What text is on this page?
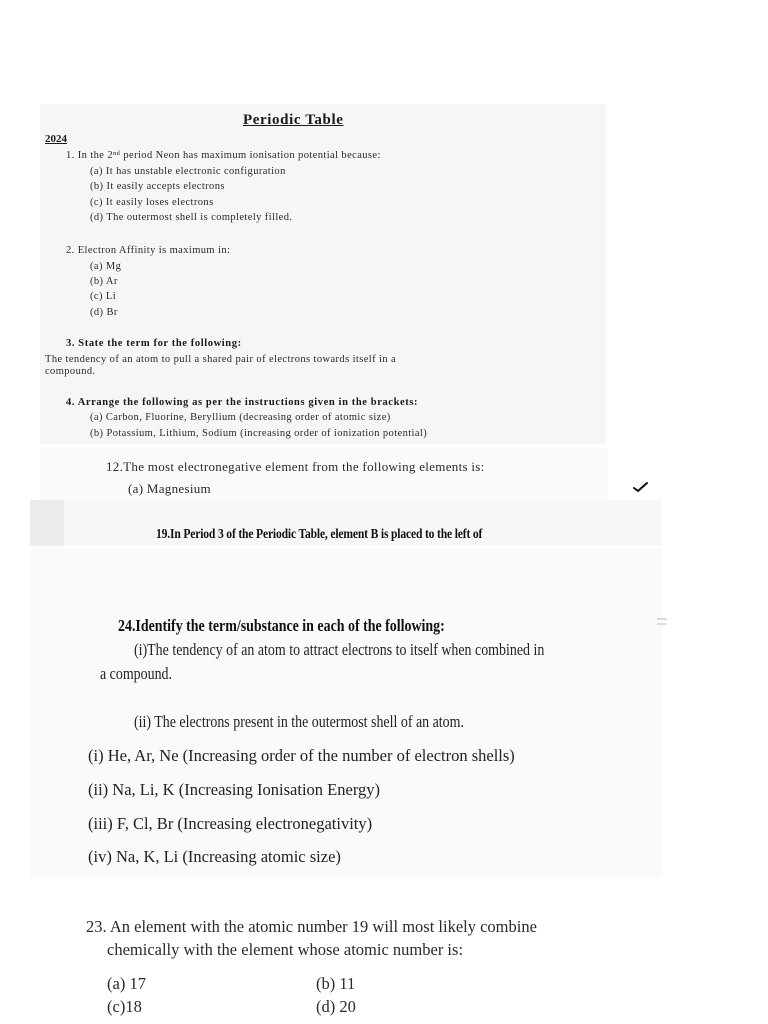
Periodic Table
2024
1. In the 2ⁿᵈ period Neon has maximum ionisation potential because:
(a) It has unstable electronic configuration
(b) It easily accepts electrons
(c) It easily loses electrons
(d) The outermost shell is completely filled.
2. Electron Affinity is maximum in:
(a) Mg
(b) Ar
(c) Li
(d) Br
3. State the term for the following:
The tendency of an atom to pull a shared pair of electrons towards itself in a
compound.
4. Arrange the following as per the instructions given in the brackets:
(a) Carbon, Fluorine, Beryllium (decreasing order of atomic size)
(b) Potassium, Lithium, Sodium (increasing order of ionization potential)
12.The most electronegative element from the following elements is:
(a) Magnesium
19.In Period 3 of the Periodic Table, element B is placed to the left of
24.Identify the term/substance in each of the following:
(i)The tendency of an atom to attract electrons to itself when combined in
a compound.
(ii) The electrons present in the outermost shell of an atom.
(i) He, Ar, Ne (Increasing order of the number of electron shells)
(ii) Na, Li, K (Increasing Ionisation Energy)
(iii) F, Cl, Br (Increasing electronegativity)
(iv) Na, K, Li (Increasing atomic size)
23. An element with the atomic number 19 will most likely combine
chemically with the element whose atomic number is:
(a) 17	(b) 11
(c)18	(d) 20
